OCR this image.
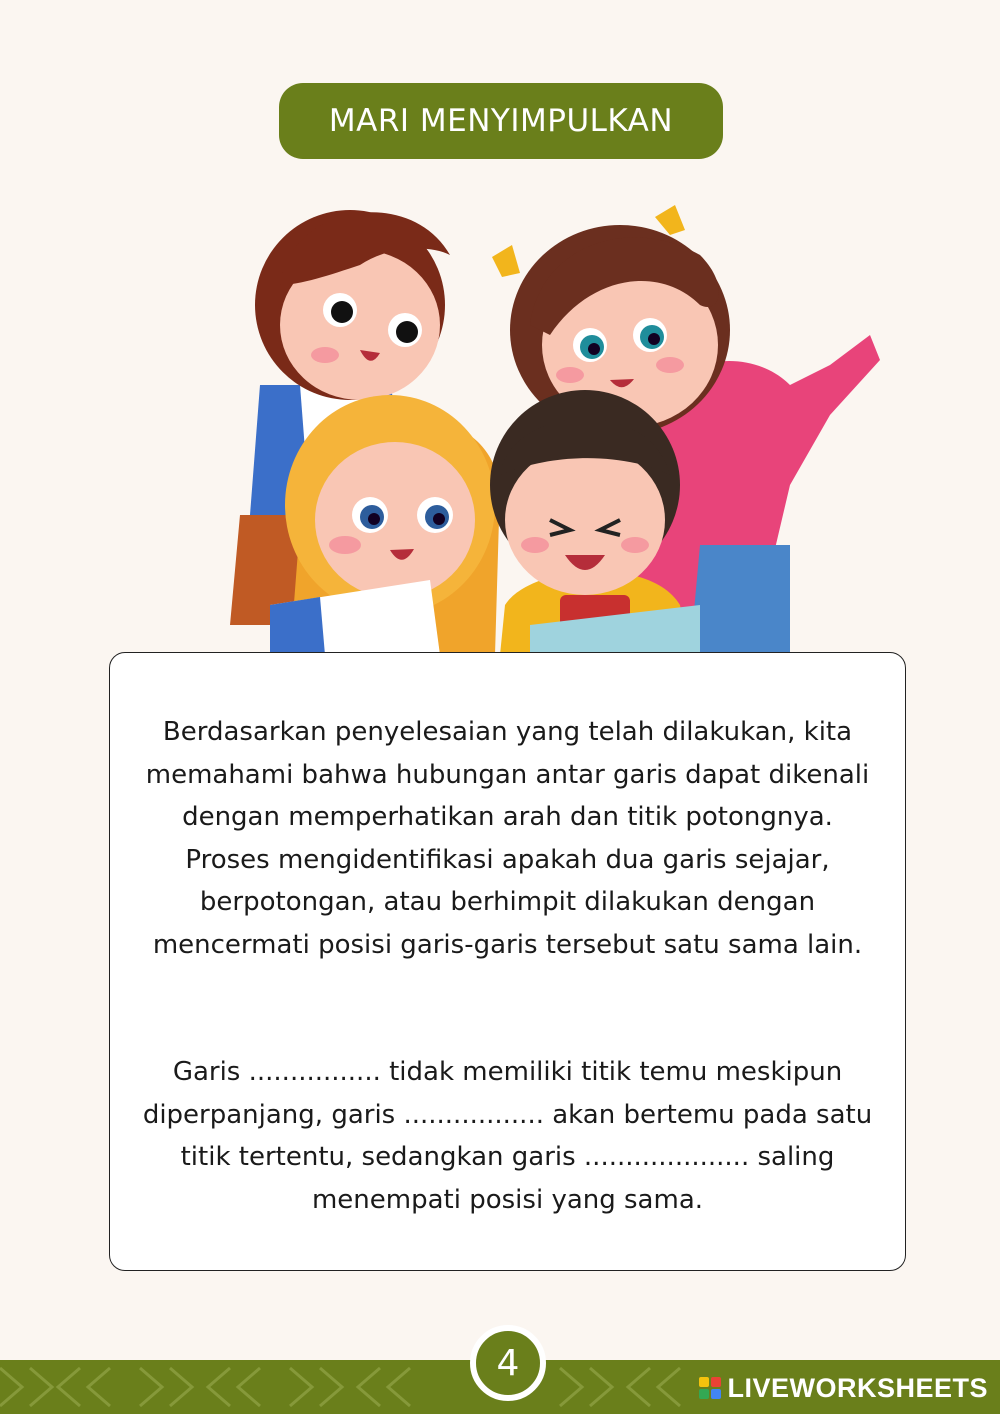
MARI MENYIMPULKAN
Berdasarkan penyelesaian yang telah dilakukan, kita memahami bahwa hubungan antar garis dapat dikenali dengan memperhatikan arah dan titik potongnya. Proses mengidentifikasi apakah dua garis sejajar, berpotongan, atau berhimpit dilakukan dengan mencermati posisi garis-garis tersebut satu sama lain.
Garis ................ tidak memiliki titik temu meskipun diperpanjang, garis ................. akan bertemu pada satu titik tertentu, sedangkan garis .................... saling menempati posisi yang sama.
4
LIVEWORKSHEETS
